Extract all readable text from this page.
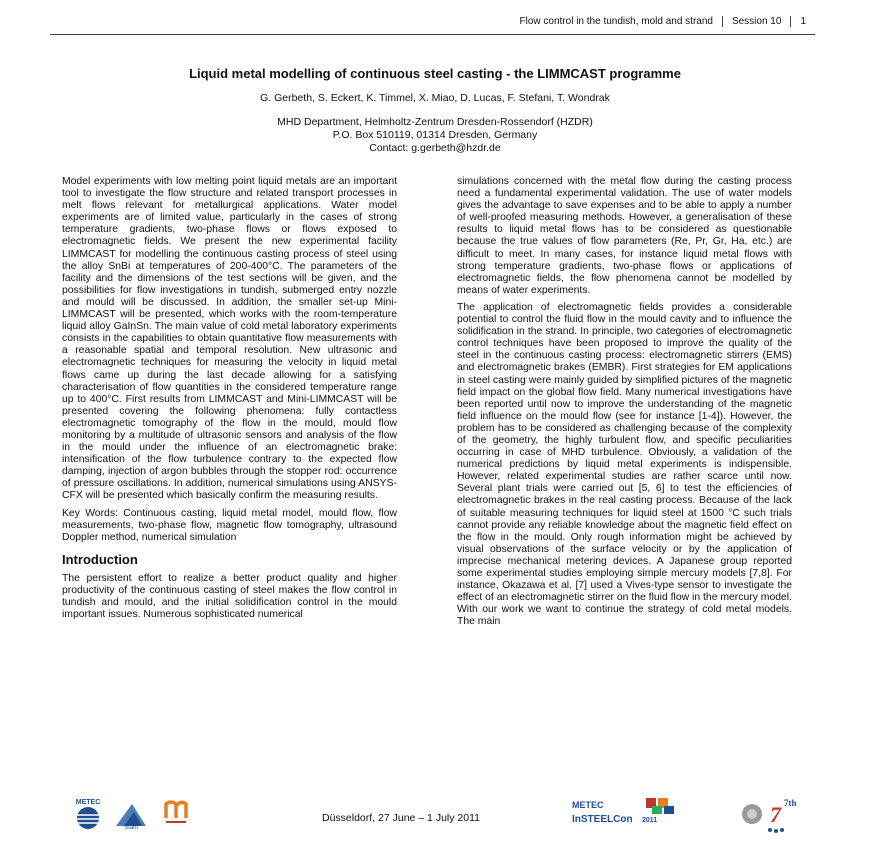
Flow control in the tundish, mold and strand Session 10 1
Liquid metal modelling of continuous steel casting - the LIMMCAST programme
G. Gerbeth, S. Eckert, K. Timmel, X. Miao, D. Lucas, F. Stefani, T. Wondrak
MHD Department, Helmholtz-Zentrum Dresden-Rossendorf (HZDR)
P.O. Box 510119, 01314 Dresden, Germany
Contact: g.gerbeth@hzdr.de

Model experiments with low melting point liquid metals are an important tool to investigate the flow structure and related transport processes in melt flows relevant for metallurgical applications. Water model experiments are of limited value, particularly in the cases of strong temperature gradients, two-phase flows or flows exposed to electromagnetic fields. We present the new experimental facility LIMMCAST for modelling the continuous casting process of steel using the alloy SnBi at temperatures of 200-400°C. The parameters of the facility and the dimensions of the test sections will be given, and the possibilities for flow investigations in tundish, submerged entry nozzle and mould will be discussed. In addition, the smaller set-up Mini-LIMMCAST will be presented, which works with the room-temperature liquid alloy GaInSn. The main value of cold metal laboratory experiments consists in the capabilities to obtain quantitative flow measurements with a reasonable spatial and temporal resolution. New ultrasonic and electromagnetic techniques for measuring the velocity in liquid metal flows came up during the last decade allowing for a satisfying characterisation of flow quantities in the considered temperature range up to 400°C. First results from LIMMCAST and Mini-LIMMCAST will be presented covering the following phenomena: fully contactless electromagnetic tomography of the flow in the mould, mould flow monitoring by a multitude of ultrasonic sensors and analysis of the flow in the mould under the influence of an electromagnetic brake: intensification of the flow turbulence contrary to the expected flow damping, injection of argon bubbles through the stopper rod: occurrence of pressure oscillations. In addition, numerical simulations using ANSYS-CFX will be presented which basically confirm the measuring results.

Key Words: Continuous casting, liquid metal model, mould flow, flow measurements, two-phase flow, magnetic flow tomography, ultrasound Doppler method, numerical simulation

Introduction

The persistent effort to realize a better product quality and higher productivity of the continuous casting of steel makes the flow control in tundish and mould, and the initial solidification control in the mould important issues. Numerous sophisticated numerical

simulations concerned with the metal flow during the casting process need a fundamental experimental validation. The use of water models gives the advantage to save expenses and to be able to apply a number of well-proofed measuring methods. However, a generalisation of these results to liquid metal flows has to be considered as questionable because the true values of flow parameters (Re, Pr, Gr, Ha, etc.) are difficult to meet. In many cases, for instance liquid metal flows with strong temperature gradients, two-phase flows or applications of electromagnetic fields, the flow phenomena cannot be modelled by means of water experiments.

The application of electromagnetic fields provides a considerable potential to control the fluid flow in the mould cavity and to influence the solidification in the strand. In principle, two categories of electromagnetic control techniques have been proposed to improve the quality of the steel in the continuous casting process: electromagnetic stirrers (EMS) and electromagnetic brakes (EMBR). First strategies for EM applications in steel casting were mainly guided by simplified pictures of the magnetic field impact on the global flow field. Many numerical investigations have been reported until now to improve the understanding of the magnetic field influence on the mould flow (see for instance [1-4]). However, the problem has to be considered as challenging because of the complexity of the geometry, the highly turbulent flow, and specific peculiarities occurring in case of MHD turbulence. Obviously, a validation of the numerical predictions by liquid metal experiments is indispensible. However, related experimental studies are rather scarce until now. Several plant trials were carried out [5, 6] to test the efficiencies of electromagnetic brakes in the real casting process. Because of the lack of suitable measuring techniques for liquid steel at 1500 °C such trials cannot provide any reliable knowledge about the magnetic field effect on the flow in the mould. Only rough information might be achieved by visual observations of the surface velocity or by the application of imprecise mechanical metering devices. A Japanese group reported some experimental studies employing simple mercury models [7,8]. For instance, Okazawa et al. [7] used a Vives-type sensor to investigate the effect of an electromagnetic stirrer on the fluid flow in the mercury model. With our work we want to continue the strategy of cold metal models. The main

METEC
Stahl
Düsseldorf, 27 June – 1 July 2011
METEC
InSTEELCon 2011	7 7th
